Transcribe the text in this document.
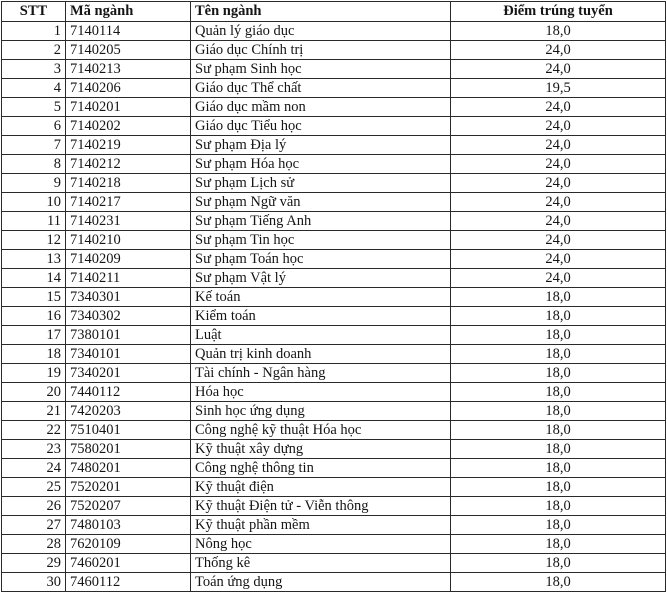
STT	Mã ngành	Tên ngành	Điểm trúng tuyển
1	7140114	Quản lý giáo dục	18,0
2	7140205	Giáo dục Chính trị	24,0
3	7140213	Sư phạm Sinh học	24,0
4	7140206	Giáo dục Thể chất	19,5
5	7140201	Giáo dục mầm non	24,0
6	7140202	Giáo dục Tiểu học	24,0
7	7140219	Sư phạm Địa lý	24,0
8	7140212	Sư phạm Hóa học	24,0
9	7140218	Sư phạm Lịch sử	24,0
10	7140217	Sư phạm Ngữ văn	24,0
11	7140231	Sư phạm Tiếng Anh	24,0
12	7140210	Sư phạm Tin học	24,0
13	7140209	Sư phạm Toán học	24,0
14	7140211	Sư phạm Vật lý	24,0
15	7340301	Kế toán	18,0
16	7340302	Kiểm toán	18,0
17	7380101	Luật	18,0
18	7340101	Quản trị kinh doanh	18,0
19	7340201	Tài chính - Ngân hàng	18,0
20	7440112	Hóa học	18,0
21	7420203	Sinh học ứng dụng	18,0
22	7510401	Công nghệ kỹ thuật Hóa học	18,0
23	7580201	Kỹ thuật xây dựng	18,0
24	7480201	Công nghệ thông tin	18,0
25	7520201	Kỹ thuật điện	18,0
26	7520207	Kỹ thuật Điện tử - Viễn thông	18,0
27	7480103	Kỹ thuật phần mềm	18,0
28	7620109	Nông học	18,0
29	7460201	Thống kê	18,0
30	7460112	Toán ứng dụng	18,0
